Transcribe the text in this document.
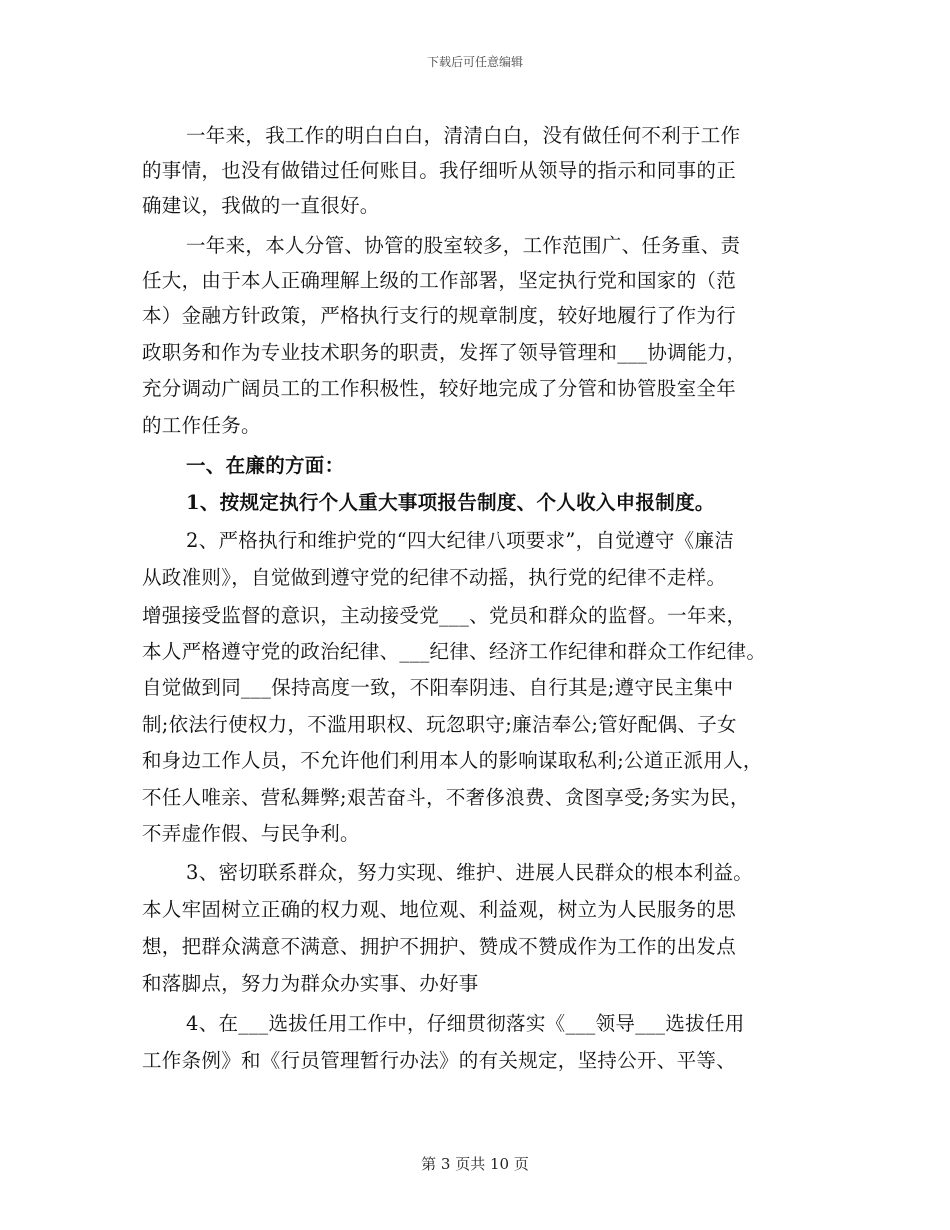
下载后可任意编辑
一年来，我工作的明白白白，清清白白，没有做任何不利于工作
的事情，也没有做错过任何账目。我仔细听从领导的指示和同事的正
确建议，我做的一直很好。
一年来，本人分管、协管的股室较多，工作范围广、任务重、责
任大，由于本人正确理解上级的工作部署，坚定执行党和国家的（范
本）金融方针政策，严格执行支行的规章制度，较好地履行了作为行
政职务和作为专业技术职务的职责，发挥了领导管理和___协调能力，
充分调动广阔员工的工作积极性，较好地完成了分管和协管股室全年
的工作任务。
一、在廉的方面：
1、按规定执行个人重大事项报告制度、个人收入申报制度。
2、严格执行和维护党的“四大纪律八项要求”，自觉遵守《廉洁
从政准则》，自觉做到遵守党的纪律不动摇，执行党的纪律不走样。
增强接受监督的意识，主动接受党___、党员和群众的监督。一年来，
本人严格遵守党的政治纪律、___纪律、经济工作纪律和群众工作纪律。
自觉做到同___保持高度一致，不阳奉阴违、自行其是;遵守民主集中
制;依法行使权力，不滥用职权、玩忽职守;廉洁奉公;管好配偶、子女
和身边工作人员，不允许他们利用本人的影响谋取私利;公道正派用人，
不任人唯亲、营私舞弊;艰苦奋斗，不奢侈浪费、贪图享受;务实为民，
不弄虚作假、与民争利。
3、密切联系群众，努力实现、维护、进展人民群众的根本利益。
本人牢固树立正确的权力观、地位观、利益观，树立为人民服务的思
想，把群众满意不满意、拥护不拥护、赞成不赞成作为工作的出发点
和落脚点，努力为群众办实事、办好事
4、在___选拔任用工作中，仔细贯彻落实《___领导___选拔任用
工作条例》和《行员管理暂行办法》的有关规定，坚持公开、平等、
第 3 页共 10 页
